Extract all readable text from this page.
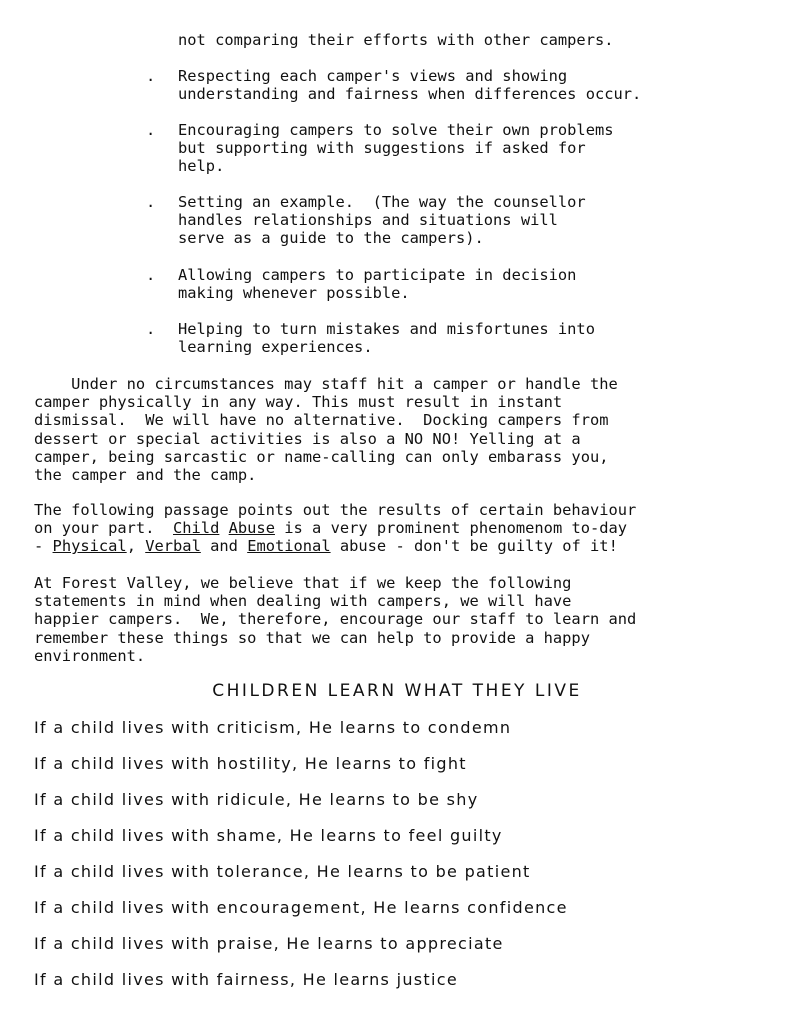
not comparing their efforts with other campers.
. Respecting each camper's views and showing
understanding and fairness when differences occur.
. Encouraging campers to solve their own problems
but supporting with suggestions if asked for
help.
. Setting an example.  (The way the counsellor
handles relationships and situations will
serve as a guide to the campers).
. Allowing campers to participate in decision
making whenever possible.
. Helping to turn mistakes and misfortunes into
learning experiences.
Under no circumstances may staff hit a camper or handle the
camper physically in any way. This must result in instant
dismissal.  We will have no alternative.  Docking campers from
dessert or special activities is also a NO NO! Yelling at a
camper, being sarcastic or name-calling can only embarass you,
the camper and the camp.
The following passage points out the results of certain behaviour
on your part.  Child Abuse is a very prominent phenomenom to-day
- Physical, Verbal and Emotional abuse - don't be guilty of it!
At Forest Valley, we believe that if we keep the following
statements in mind when dealing with campers, we will have
happier campers.  We, therefore, encourage our staff to learn and
remember these things so that we can help to provide a happy
environment.
CHILDREN LEARN WHAT THEY LIVE
If a child lives with criticism, He learns to condemn
If a child lives with hostility, He learns to fight
If a child lives with ridicule, He learns to be shy
If a child lives with shame, He learns to feel guilty
If a child lives with tolerance, He learns to be patient
If a child lives with encouragement, He learns confidence
If a child lives with praise, He learns to appreciate
If a child lives with fairness, He learns justice
